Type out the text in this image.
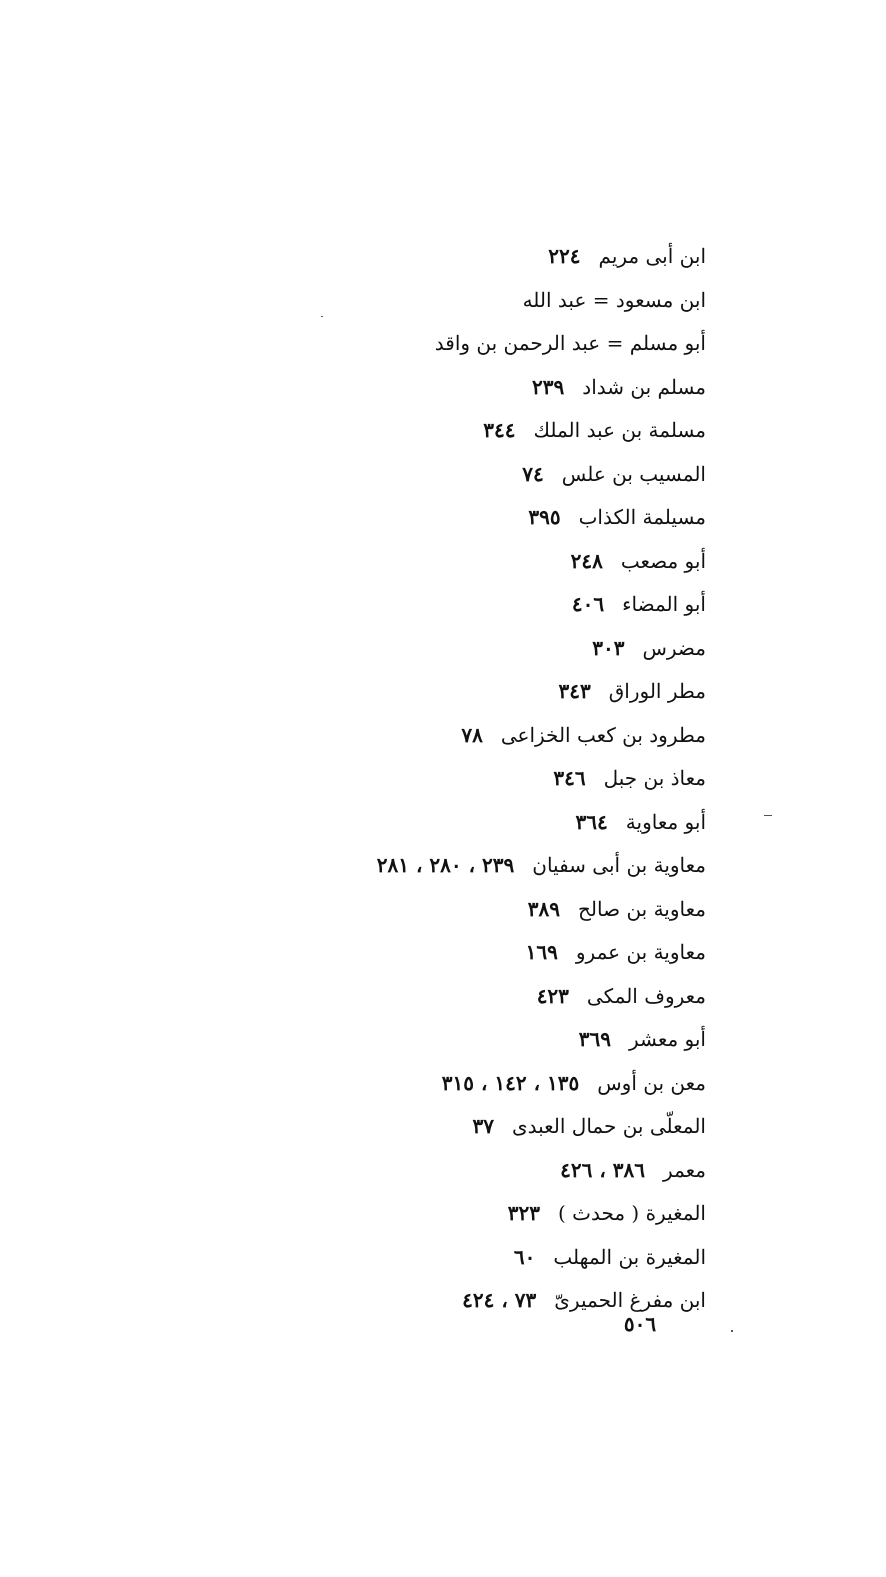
ابن أبى مريم
٢٢٤
ابن مسعود = عبد الله
أبو مسلم = عبد الرحمن بن واقد
مسلم بن شداد
٢٣٩
مسلمة بن عبد الملك
٣٤٤
المسيب بن علس
٧٤
مسيلمة الكذاب
٣٩٥
أبو مصعب
٢٤٨
أبو المضاء
٤٠٦
مضرس
٣٠٣
مطر الوراق
٣٤٣
مطرود بن كعب الخزاعى
٧٨
معاذ بن جبل
٣٤٦
أبو معاوية
٣٦٤
معاوية بن أبى سفيان
٢٣٩ ، ٢٨٠ ، ٢٨١
معاوية بن صالح
٣٨٩
معاوية بن عمرو
١٦٩
معروف المكى
٤٢٣
أبو معشر
٣٦٩
معن بن أوس
١٣٥ ، ١٤٢ ، ٣١٥
المعلّى بن حمال العبدى
٣٧
معمر
٣٨٦ ، ٤٢٦
المغيرة ( محدث )
٣٢٣
المغيرة بن المهلب
٦٠
ابن مفرغ الحميرىّ
٧٣ ، ٤٢٤
٥٠٦
